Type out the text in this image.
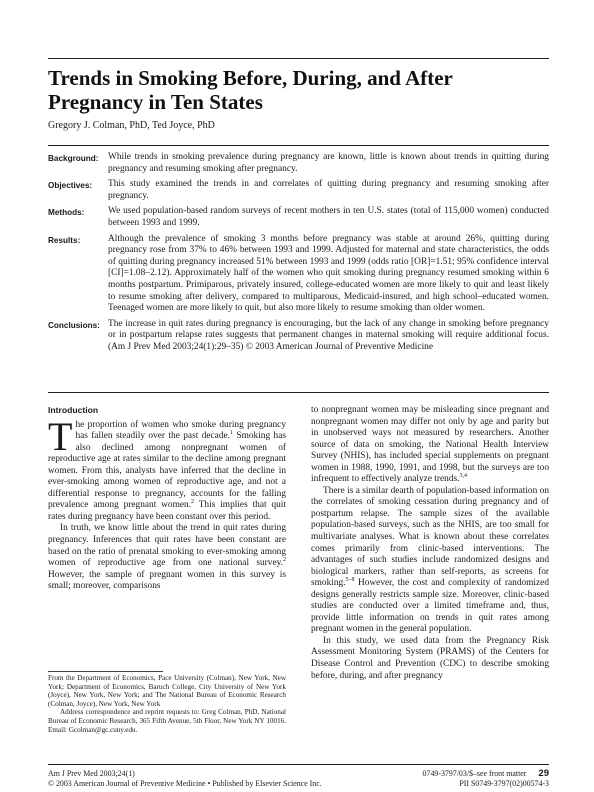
Trends in Smoking Before, During, and After Pregnancy in Ten States
Gregory J. Colman, PhD, Ted Joyce, PhD
Background:	While trends in smoking prevalence during pregnancy are known, little is known about trends in quitting during pregnancy and resuming smoking after pregnancy.
Objectives:	This study examined the trends in and correlates of quitting during pregnancy and resuming smoking after pregnancy.
Methods:	We used population-based random surveys of recent mothers in ten U.S. states (total of 115,000 women) conducted between 1993 and 1999.
Results:	Although the prevalence of smoking 3 months before pregnancy was stable at around 26%, quitting during pregnancy rose from 37% to 46% between 1993 and 1999. Adjusted for maternal and state characteristics, the odds of quitting during pregnancy increased 51% between 1993 and 1999 (odds ratio [OR]=1.51; 95% confidence interval [CI]=1.08–2.12). Approximately half of the women who quit smoking during pregnancy resumed smoking within 6 months postpartum. Primiparous, privately insured, college-educated women are more likely to quit and least likely to resume smoking after delivery, compared to multiparous, Medicaid-insured, and high school–educated women. Teenaged women are more likely to quit, but also more likely to resume smoking than older women.
Conclusions: The increase in quit rates during pregnancy is encouraging, but the lack of any change in smoking before pregnancy or in postpartum relapse rates suggests that permanent changes in maternal smoking will require additional focus. (Am J Prev Med 2003;24(1):29–35) © 2003 American Journal of Preventive Medicine
Introduction

The proportion of women who smoke during pregnancy has fallen steadily over the past decade.$^1$ Smoking has also declined among nonpregnant women of reproductive age at rates similar to the decline among pregnant women. From this, analysts have inferred that the decline in ever-smoking among women of reproductive age, and not a differential response to pregnancy, accounts for the falling prevalence among pregnant women.$^2$ This implies that quit rates during pregnancy have been constant over this period.

In truth, we know little about the trend in quit rates during pregnancy. Inferences that quit rates have been constant are based on the ratio of prenatal smoking to ever-smoking among women of reproductive age from one national survey.$^2$ However, the sample of pregnant women in this survey is small; moreover, comparisons

to nonpregnant women may be misleading since pregnant and nonpregnant women may differ not only by age and parity but in unobserved ways not measured by researchers. Another source of data on smoking, the National Health Interview Survey (NHIS), has included special supplements on pregnant women in 1988, 1990, 1991, and 1998, but the surveys are too infrequent to effectively analyze trends.$^{3,4}$

There is a similar dearth of population-based information on the correlates of smoking cessation during pregnancy and of postpartum relapse. The sample sizes of the available population-based surveys, such as the NHIS, are too small for multivariate analyses. What is known about these correlates comes primarily from clinic-based interventions. The advantages of such studies include randomized designs and biological markers, rather than self-reports, as screens for smoking.$^{5-8}$ However, the cost and complexity of randomized designs generally restricts sample size. Moreover, clinic-based studies are conducted over a limited timeframe and, thus, provide little information on trends in quit rates among pregnant women in the general population.

In this study, we used data from the Pregnancy Risk Assessment Monitoring System (PRAMS) of the Centers for Disease Control and Prevention (CDC) to describe smoking before, during, and after pregnancy

From the Department of Economics, Pace University (Colman), New York, New York; Department of Economics, Baruch College, City University of New York (Joyce), New York, New York; and The National Bureau of Economic Research (Colman, Joyce), New York, New York

Address correspondence and reprint requests to: Greg Colman, PhD, National Bureau of Economic Research, 365 Fifth Avenue, 5th Floor, New York NY 10016. Email: Gcolman@gc.cuny.edu.

Am J Prev Med 2003;24(1)
© 2003 American Journal of Preventive Medicine • Published by Elsevier Science Inc.
0749-3797/03/$–see front matter 29
PII S0749-3797(02)00574-3
